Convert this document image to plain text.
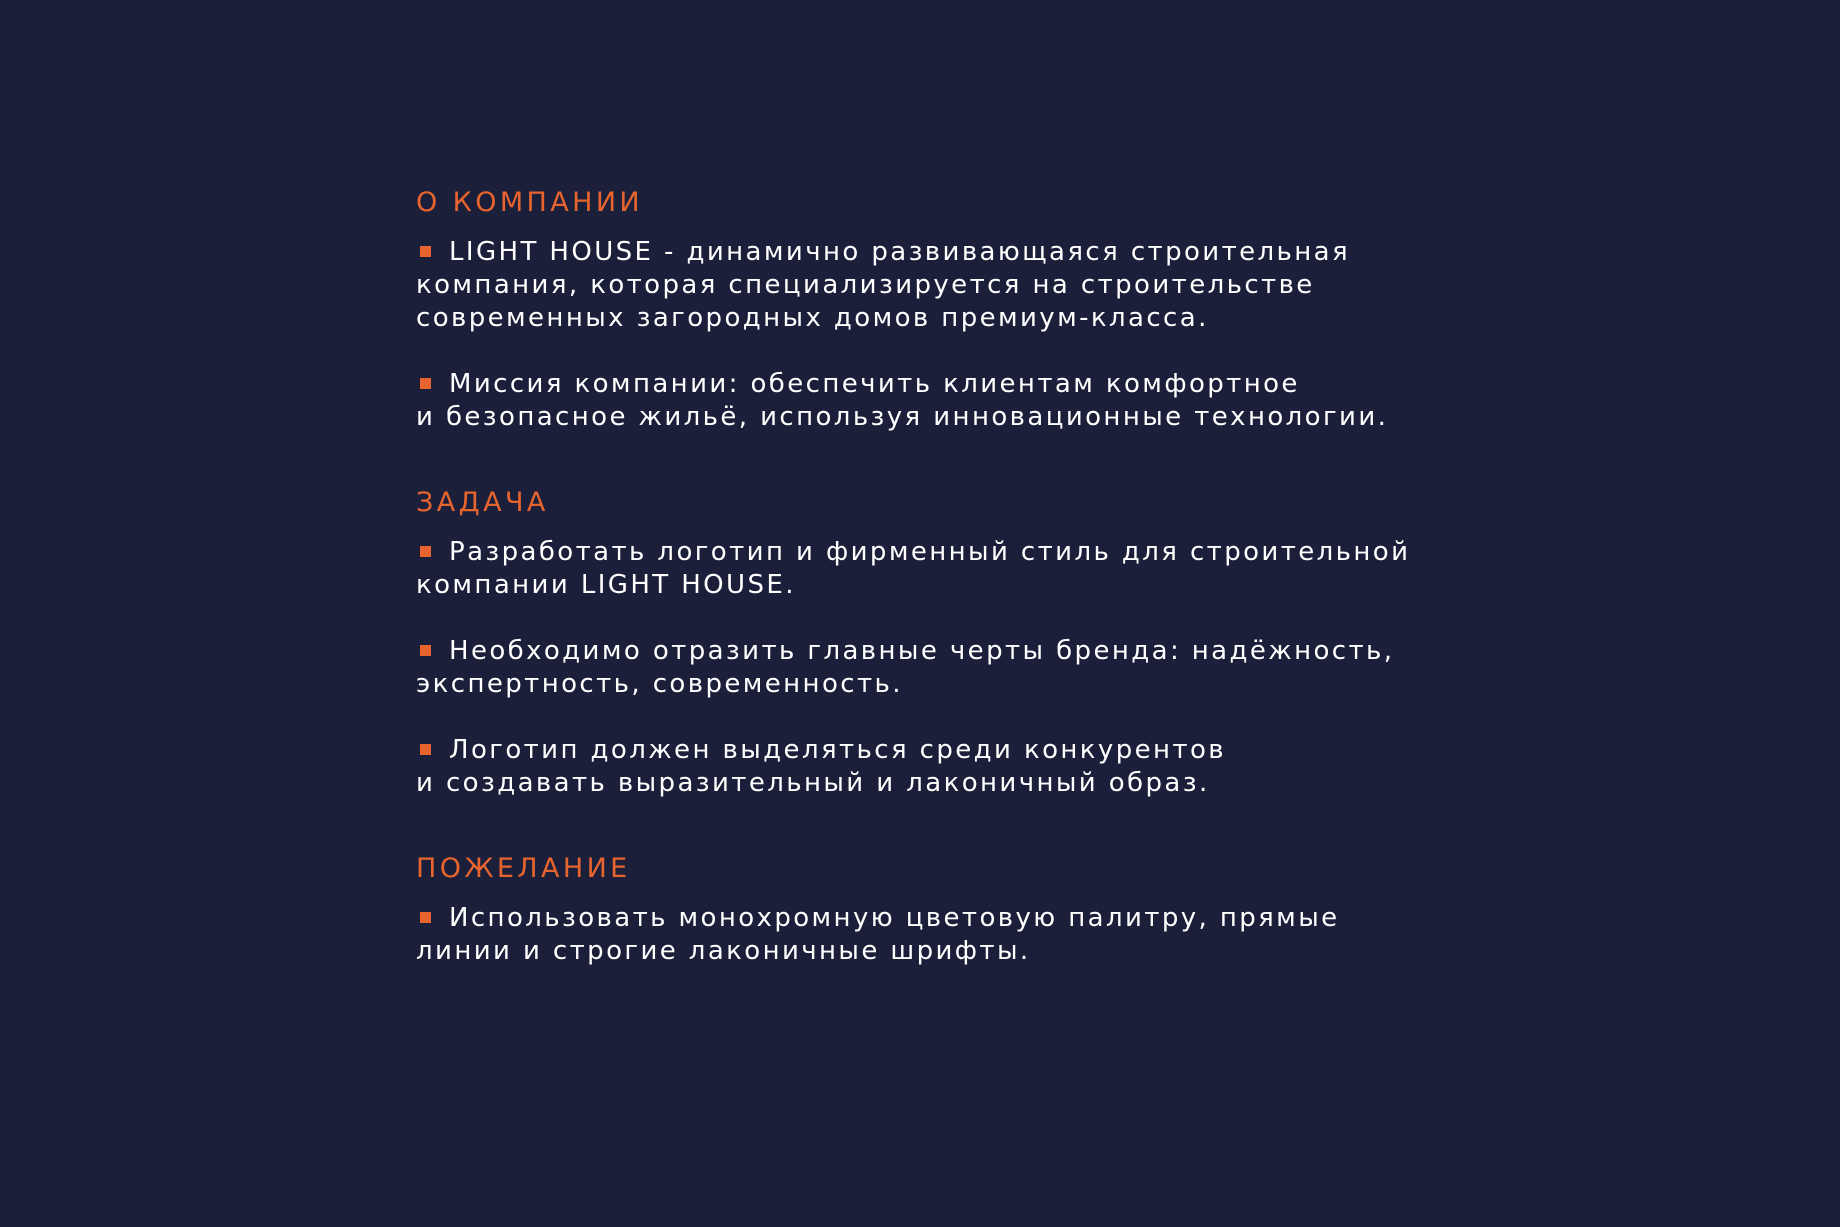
О КОМПАНИИ

LIGHT HOUSE - динамично развивающаяся строительная
компания, которая специализируется на строительстве
современных загородных домов премиум-класса.

Миссия компании: обеспечить клиентам комфортное
и безопасное жильё, используя инновационные технологии.

ЗАДАЧА

Разработать логотип и фирменный стиль для строительной
компании LIGHT HOUSE.

Необходимо отразить главные черты бренда: надёжность,
экспертность, современность.

Логотип должен выделяться среди конкурентов
и создавать выразительный и лаконичный образ.

ПОЖЕЛАНИЕ

Использовать монохромную цветовую палитру, прямые
линии и строгие лаконичные шрифты.
